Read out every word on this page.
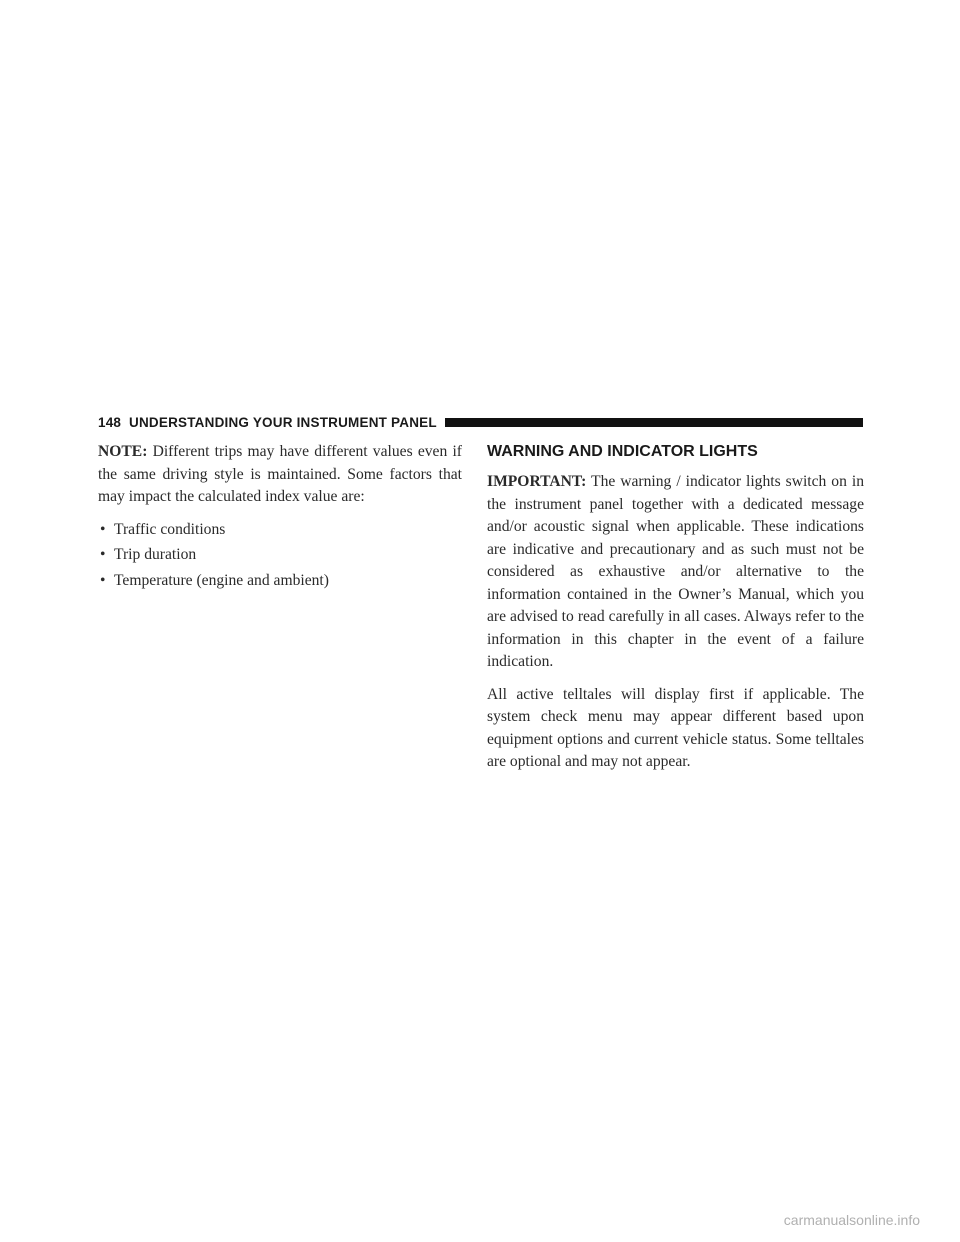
148 UNDERSTANDING YOUR INSTRUMENT PANEL

NOTE: Different trips may have different values even if the same driving style is maintained. Some factors that may impact the calculated index value are:

• Traffic conditions
• Trip duration
• Temperature (engine and ambient)
WARNING AND INDICATOR LIGHTS

IMPORTANT: The warning / indicator lights switch on in the instrument panel together with a dedicated message and/or acoustic signal when applicable. These indications are indicative and precautionary and as such must not be considered as exhaustive and/or alternative to the information contained in the Owner’s Manual, which you are advised to read carefully in all cases. Always refer to the information in this chapter in the event of a failure indication.

All active telltales will display first if applicable. The system check menu may appear different based upon equipment options and current vehicle status. Some telltales are optional and may not appear.

carmanualsonline.info
